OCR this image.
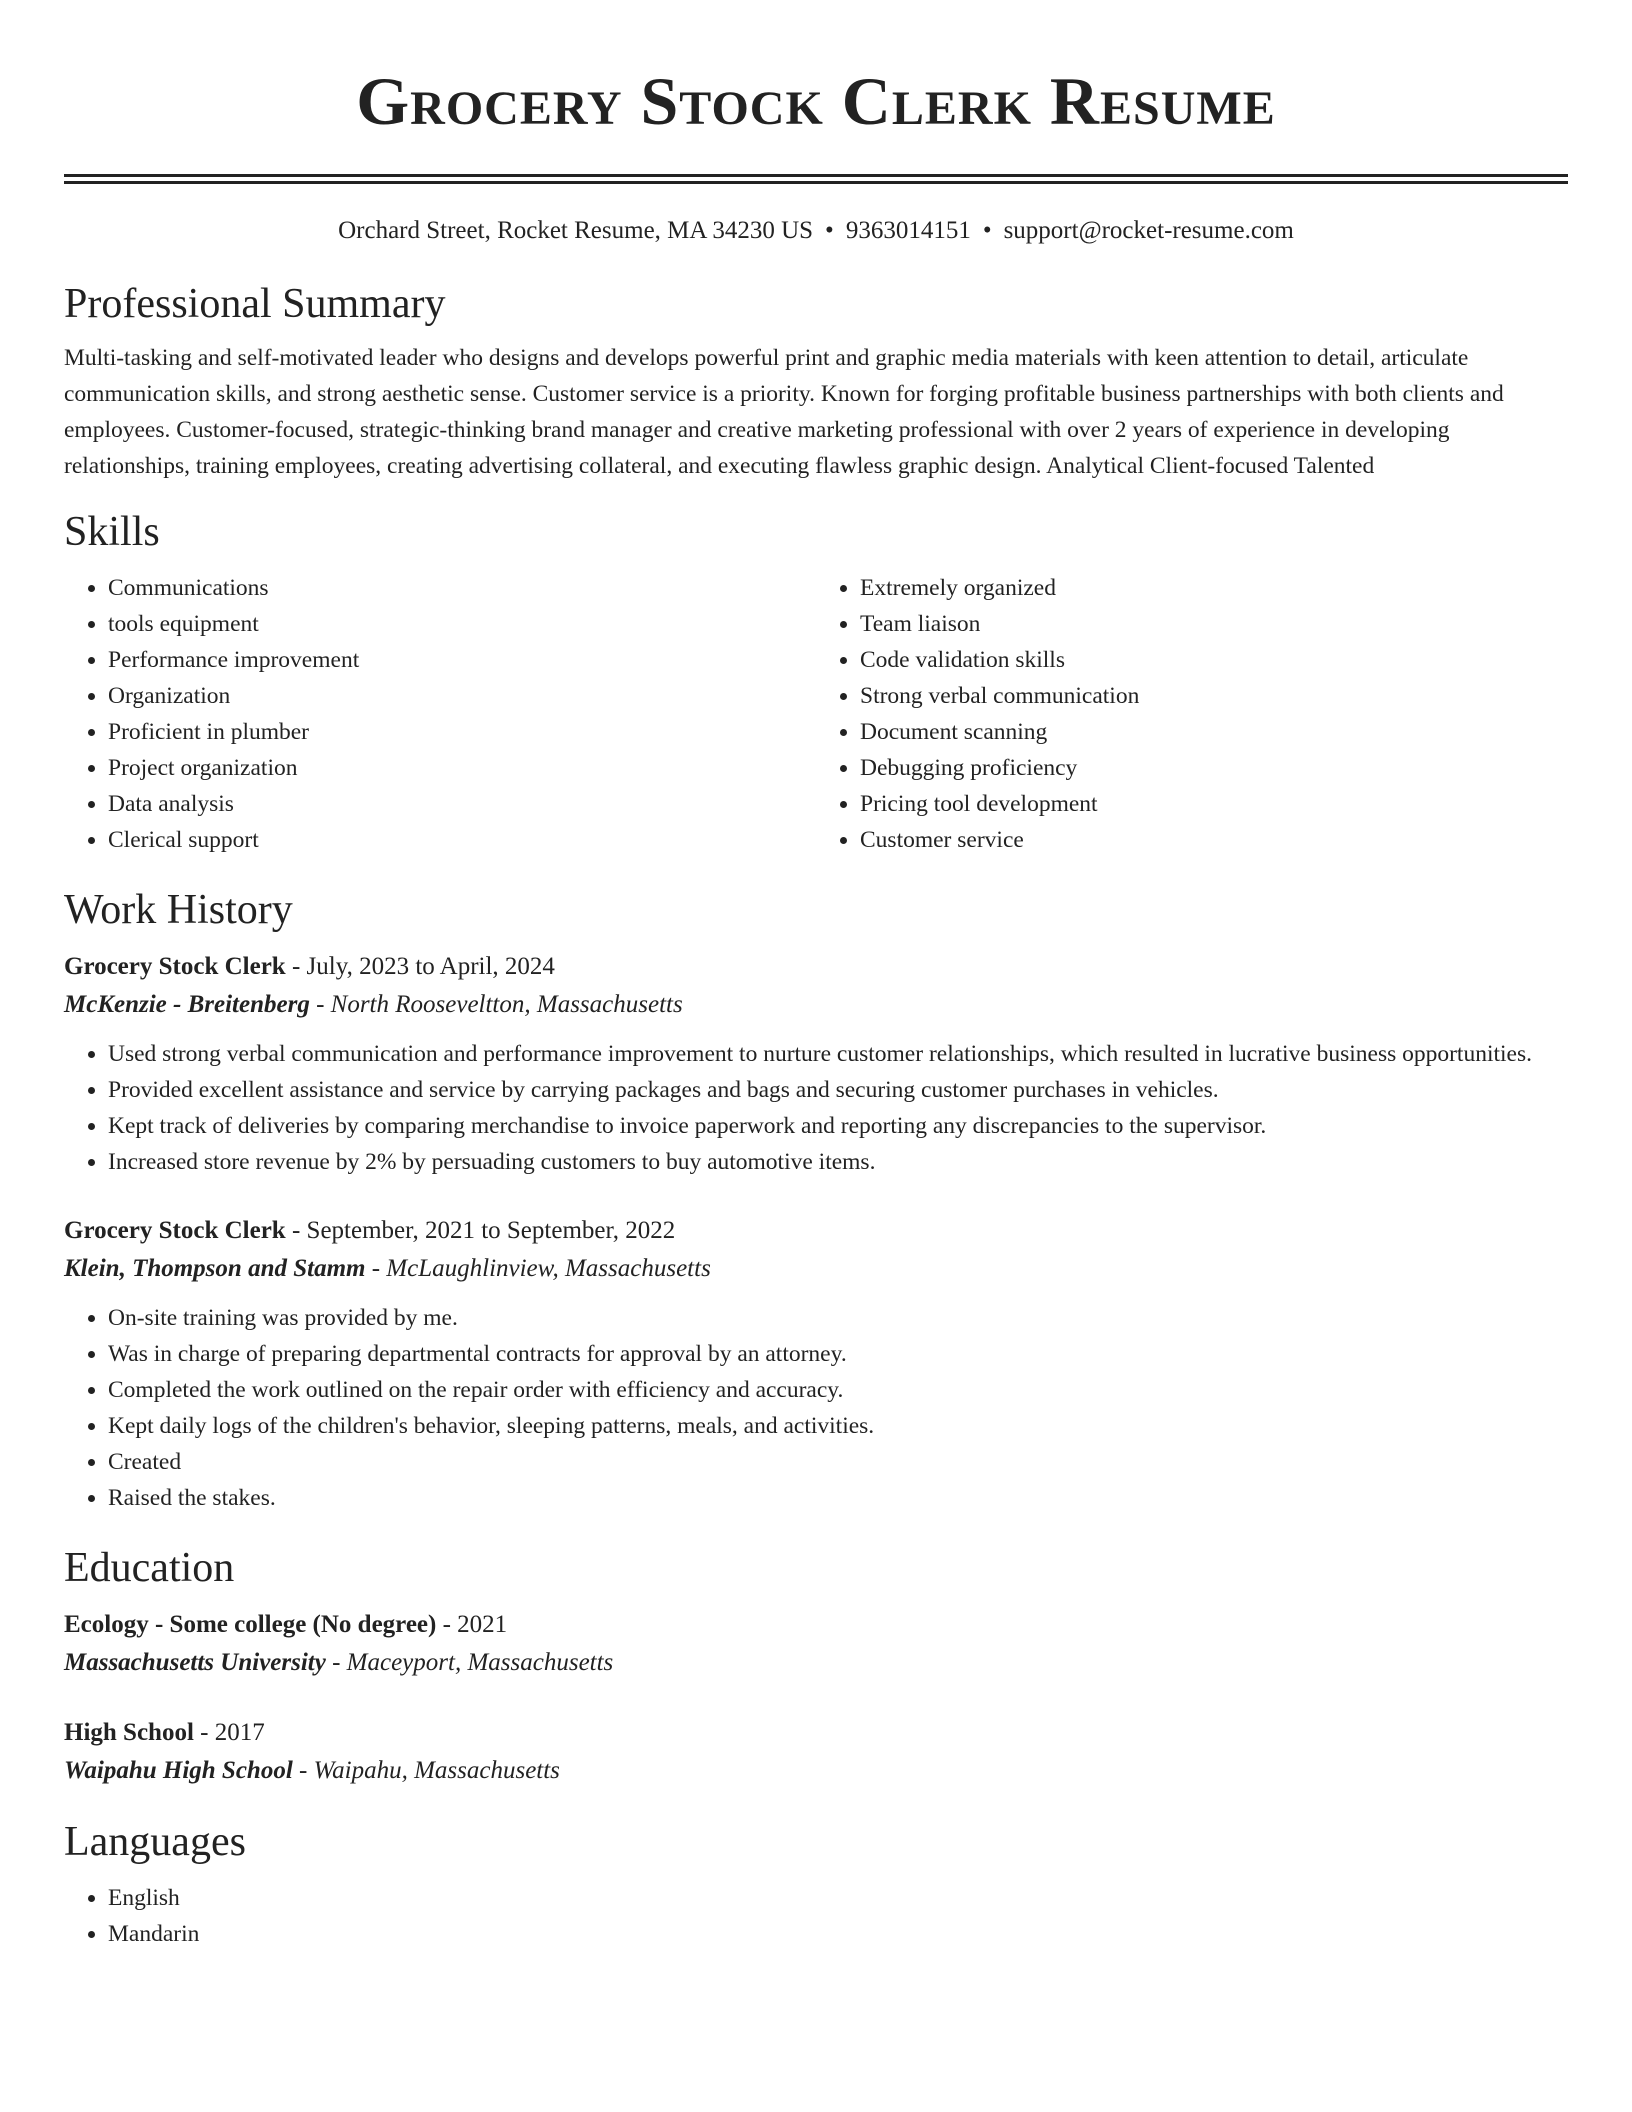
Grocery Stock Clerk Resume
Orchard Street, Rocket Resume, MA 34230 US • 9363014151 • support@rocket-resume.com
Professional Summary
Multi-tasking and self-motivated leader who designs and develops powerful print and graphic media materials with keen attention to detail, articulate communication skills, and strong aesthetic sense. Customer service is a priority. Known for forging profitable business partnerships with both clients and employees. Customer-focused, strategic-thinking brand manager and creative marketing professional with over 2 years of experience in developing relationships, training employees, creating advertising collateral, and executing flawless graphic design. Analytical Client-focused Talented
Skills
• Communications
• tools equipment
• Performance improvement
• Organization
• Proficient in plumber
• Project organization
• Data analysis
• Clerical support
• Extremely organized
• Team liaison
• Code validation skills
• Strong verbal communication
• Document scanning
• Debugging proficiency
• Pricing tool development
• Customer service
Work History
Grocery Stock Clerk - July, 2023 to April, 2024
McKenzie - Breitenberg - North Rooseveltton, Massachusetts
• Used strong verbal communication and performance improvement to nurture customer relationships, which resulted in lucrative business opportunities.
• Provided excellent assistance and service by carrying packages and bags and securing customer purchases in vehicles.
• Kept track of deliveries by comparing merchandise to invoice paperwork and reporting any discrepancies to the supervisor.
• Increased store revenue by 2% by persuading customers to buy automotive items.
Grocery Stock Clerk - September, 2021 to September, 2022
Klein, Thompson and Stamm - McLaughlinview, Massachusetts
• On-site training was provided by me.
• Was in charge of preparing departmental contracts for approval by an attorney.
• Completed the work outlined on the repair order with efficiency and accuracy.
• Kept daily logs of the children's behavior, sleeping patterns, meals, and activities.
• Created
• Raised the stakes.
Education
Ecology - Some college (No degree) - 2021
Massachusetts University - Maceyport, Massachusetts
High School - 2017
Waipahu High School - Waipahu, Massachusetts
Languages
• English
• Mandarin
